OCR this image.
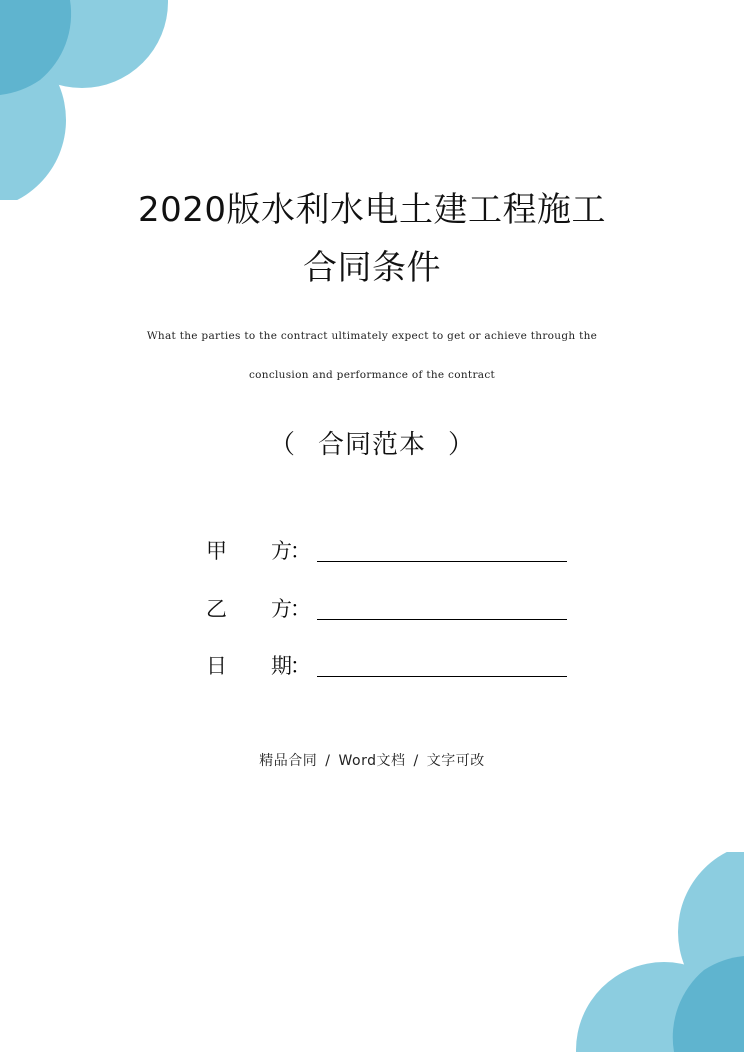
2020版水利水电土建工程施工
合同条件
What the parties to the contract ultimately expect to get or achieve through the
conclusion and performance of the contract
（ 合同范本 ）
甲 方
：
乙 方
：
日 期
：
精品合同 / Word文档 / 文字可改
